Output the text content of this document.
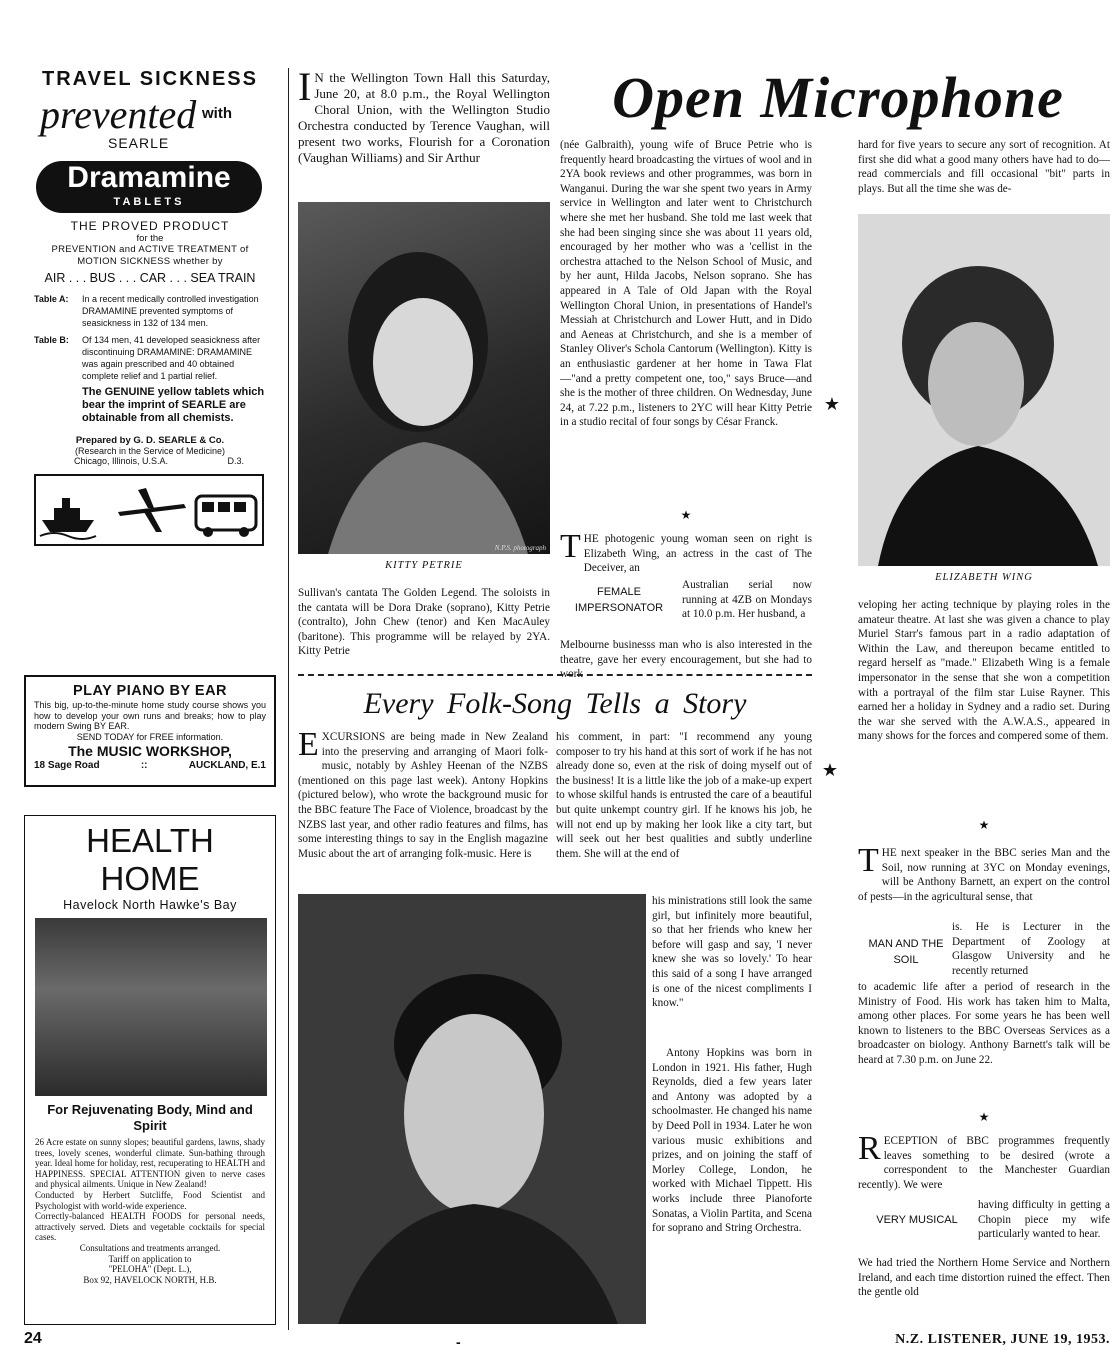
TRAVEL SICKNESS
prevented with
SEARLE
Dramamine
TABLETS
THE PROVED PRODUCT
for the
PREVENTION and ACTIVE TREATMENT of MOTION SICKNESS whether by
AIR . . . BUS . . . CAR . . . SEA TRAIN
Table A:	In a recent medically controlled investigation DRAMAMINE prevented symptoms of seasickness in 132 of 134 men.
Table B:	Of 134 men, 41 developed seasickness after discontinuing DRAMAMINE: DRAMAMINE was again prescribed and 40 obtained complete relief and 1 partial relief.
The GENUINE yellow tablets which bear the imprint of SEARLE are obtainable from all chemists.
Prepared by G. D. SEARLE & Co.
(Research in the Service of Medicine)
Chicago, Illinois, U.S.A.	D.3.
PLAY PIANO BY EAR
This big, up-to-the-minute home study course shows you how to develop your own runs and breaks; how to play modern Swing BY EAR.
SEND TODAY for FREE information.
The MUSIC WORKSHOP,
18 Sage Road	::	AUCKLAND, E.1
HEALTH HOME
Havelock North Hawke's Bay
For Rejuvenating Body, Mind and Spirit
26 Acre estate on sunny slopes; beautiful gardens, lawns, shady trees, lovely scenes, wonderful climate. Sun-bathing through year. Ideal home for holiday, rest, recuperating to HEALTH and HAPPINESS. SPECIAL ATTENTION given to nerve cases and physical ailments. Unique in New Zealand!
Conducted by Herbert Sutcliffe, Food Scientist and Psychologist with world-wide experience.
Correctly-balanced HEALTH FOODS for personal needs, attractively served. Diets and vegetable cocktails for special cases.
Consultations and treatments arranged.
Tariff on application to
"PELOHA" (Dept. L.),
Box 92, HAVELOCK NORTH, H.B.
I N the Wellington Town Hall this Saturday, June 20, at 8.0 p.m., the Royal Wellington Choral Union, with the Wellington Studio Orchestra conducted by Terence Vaughan, will present two works, Flourish for a Coronation (Vaughan Williams) and Sir Arthur
N.P.S. photograph
KITTY PETRIE
Sullivan's cantata The Golden Legend. The soloists in the cantata will be Dora Drake (soprano), Kitty Petrie (contralto), John Chew (tenor) and Ken MacAuley (baritone). This programme will be relayed by 2YA. Kitty Petrie
Open Microphone
(née Galbraith), young wife of Bruce Petrie who is frequently heard broadcasting the virtues of wool and in 2YA book reviews and other programmes, was born in Wanganui. During the war she spent two years in Army service in Wellington and later went to Christchurch where she met her husband. She told me last week that she had been singing since she was about 11 years old, encouraged by her mother who was a 'cellist in the orchestra attached to the Nelson School of Music, and by her aunt, Hilda Jacobs, Nelson soprano. She has appeared in A Tale of Old Japan with the Royal Wellington Choral Union, in presentations of Handel's Messiah at Christchurch and Lower Hutt, and in Dido and Aeneas at Christchurch, and she is a member of Stanley Oliver's Schola Cantorum (Wellington). Kitty is an enthusiastic gardener at her home in Tawa Flat—"and a pretty competent one, too," says Bruce—and she is the mother of three children. On Wednesday, June 24, at 7.22 p.m., listeners to 2YC will hear Kitty Petrie in a studio recital of four songs by César Franck.
★
T HE photogenic young woman seen on right is Elizabeth Wing, an actress in the cast of The Deceiver, an
FEMALE IMPERSONATOR
Australian serial now running at 4ZB on Mondays at 10.0 p.m. Her husband, a
Melbourne businesss man who is also interested in the theatre, gave her every encouragement, but she had to work
hard for five years to secure any sort of recognition. At first she did what a good many others have had to do—read commercials and fill occasional "bit" parts in plays. But all the time she was de-
ELIZABETH WING
veloping her acting technique by playing roles in the amateur theatre. At last she was given a chance to play Muriel Starr's famous part in a radio adaptation of Within the Law, and thereupon became entitled to regard herself as "made." Elizabeth Wing is a female impersonator in the sense that she won a competition with a portrayal of the film star Luise Rayner. This earned her a holiday in Sydney and a radio set. During the war she served with the A.W.A.S., appeared in many shows for the forces and compered some of them.
★
★
★
Every Folk-Song Tells a Story
E XCURSIONS are being made in New Zealand into the preserving and arranging of Maori folk-music, notably by Ashley Heenan of the NZBS (mentioned on this page last week). Antony Hopkins (pictured below), who wrote the background music for the BBC feature The Face of Violence, broadcast by the NZBS last year, and other radio features and films, has some interesting things to say in the English magazine Music about the art of arranging folk-music. Here is
his comment, in part: "I recommend any young composer to try his hand at this sort of work if he has not already done so, even at the risk of doing myself out of the business! It is a little like the job of a make-up expert to whose skilful hands is entrusted the care of a beautiful but quite unkempt country girl. If he knows his job, he will not end up by making her look like a city tart, but will seek out her best qualities and subtly underline them. She will at the end of
his ministrations still look the same girl, but infinitely more beautiful, so that her friends who knew her before will gasp and say, 'I never knew she was so lovely.' To hear this said of a song I have arranged is one of the nicest compliments I know."
Antony Hopkins was born in London in 1921. His father, Hugh Reynolds, died a few years later and Antony was adopted by a schoolmaster. He changed his name by Deed Poll in 1934. Later he won various music exhibitions and prizes, and on joining the staff of Morley College, London, he worked with Michael Tippett. His works include three Pianoforte Sonatas, a Violin Partita, and Scena for soprano and String Orchestra.
T HE next speaker in the BBC series Man and the Soil, now running at 3YC on Monday evenings, will be Anthony Barnett, an expert on the control of pests—in the agricultural sense, that
MAN AND THE SOIL
is. He is Lecturer in the Department of Zoology at Glasgow University and he recently returned
to academic life after a period of research in the Ministry of Food. His work has taken him to Malta, among other places. For some years he has been well known to listeners to the BBC Overseas Services as a broadcaster on biology. Anthony Barnett's talk will be heard at 7.30 p.m. on June 22.
★
R ECEPTION of BBC programmes frequently leaves something to be desired (wrote a correspondent to the Manchester Guardian recently). We were
VERY MUSICAL
having difficulty in getting a Chopin piece my wife particularly wanted to hear.
We had tried the Northern Home Service and Northern Ireland, and each time distortion ruined the effect. Then the gentle old
24	-	N.Z. LISTENER, JUNE 19, 1953.
